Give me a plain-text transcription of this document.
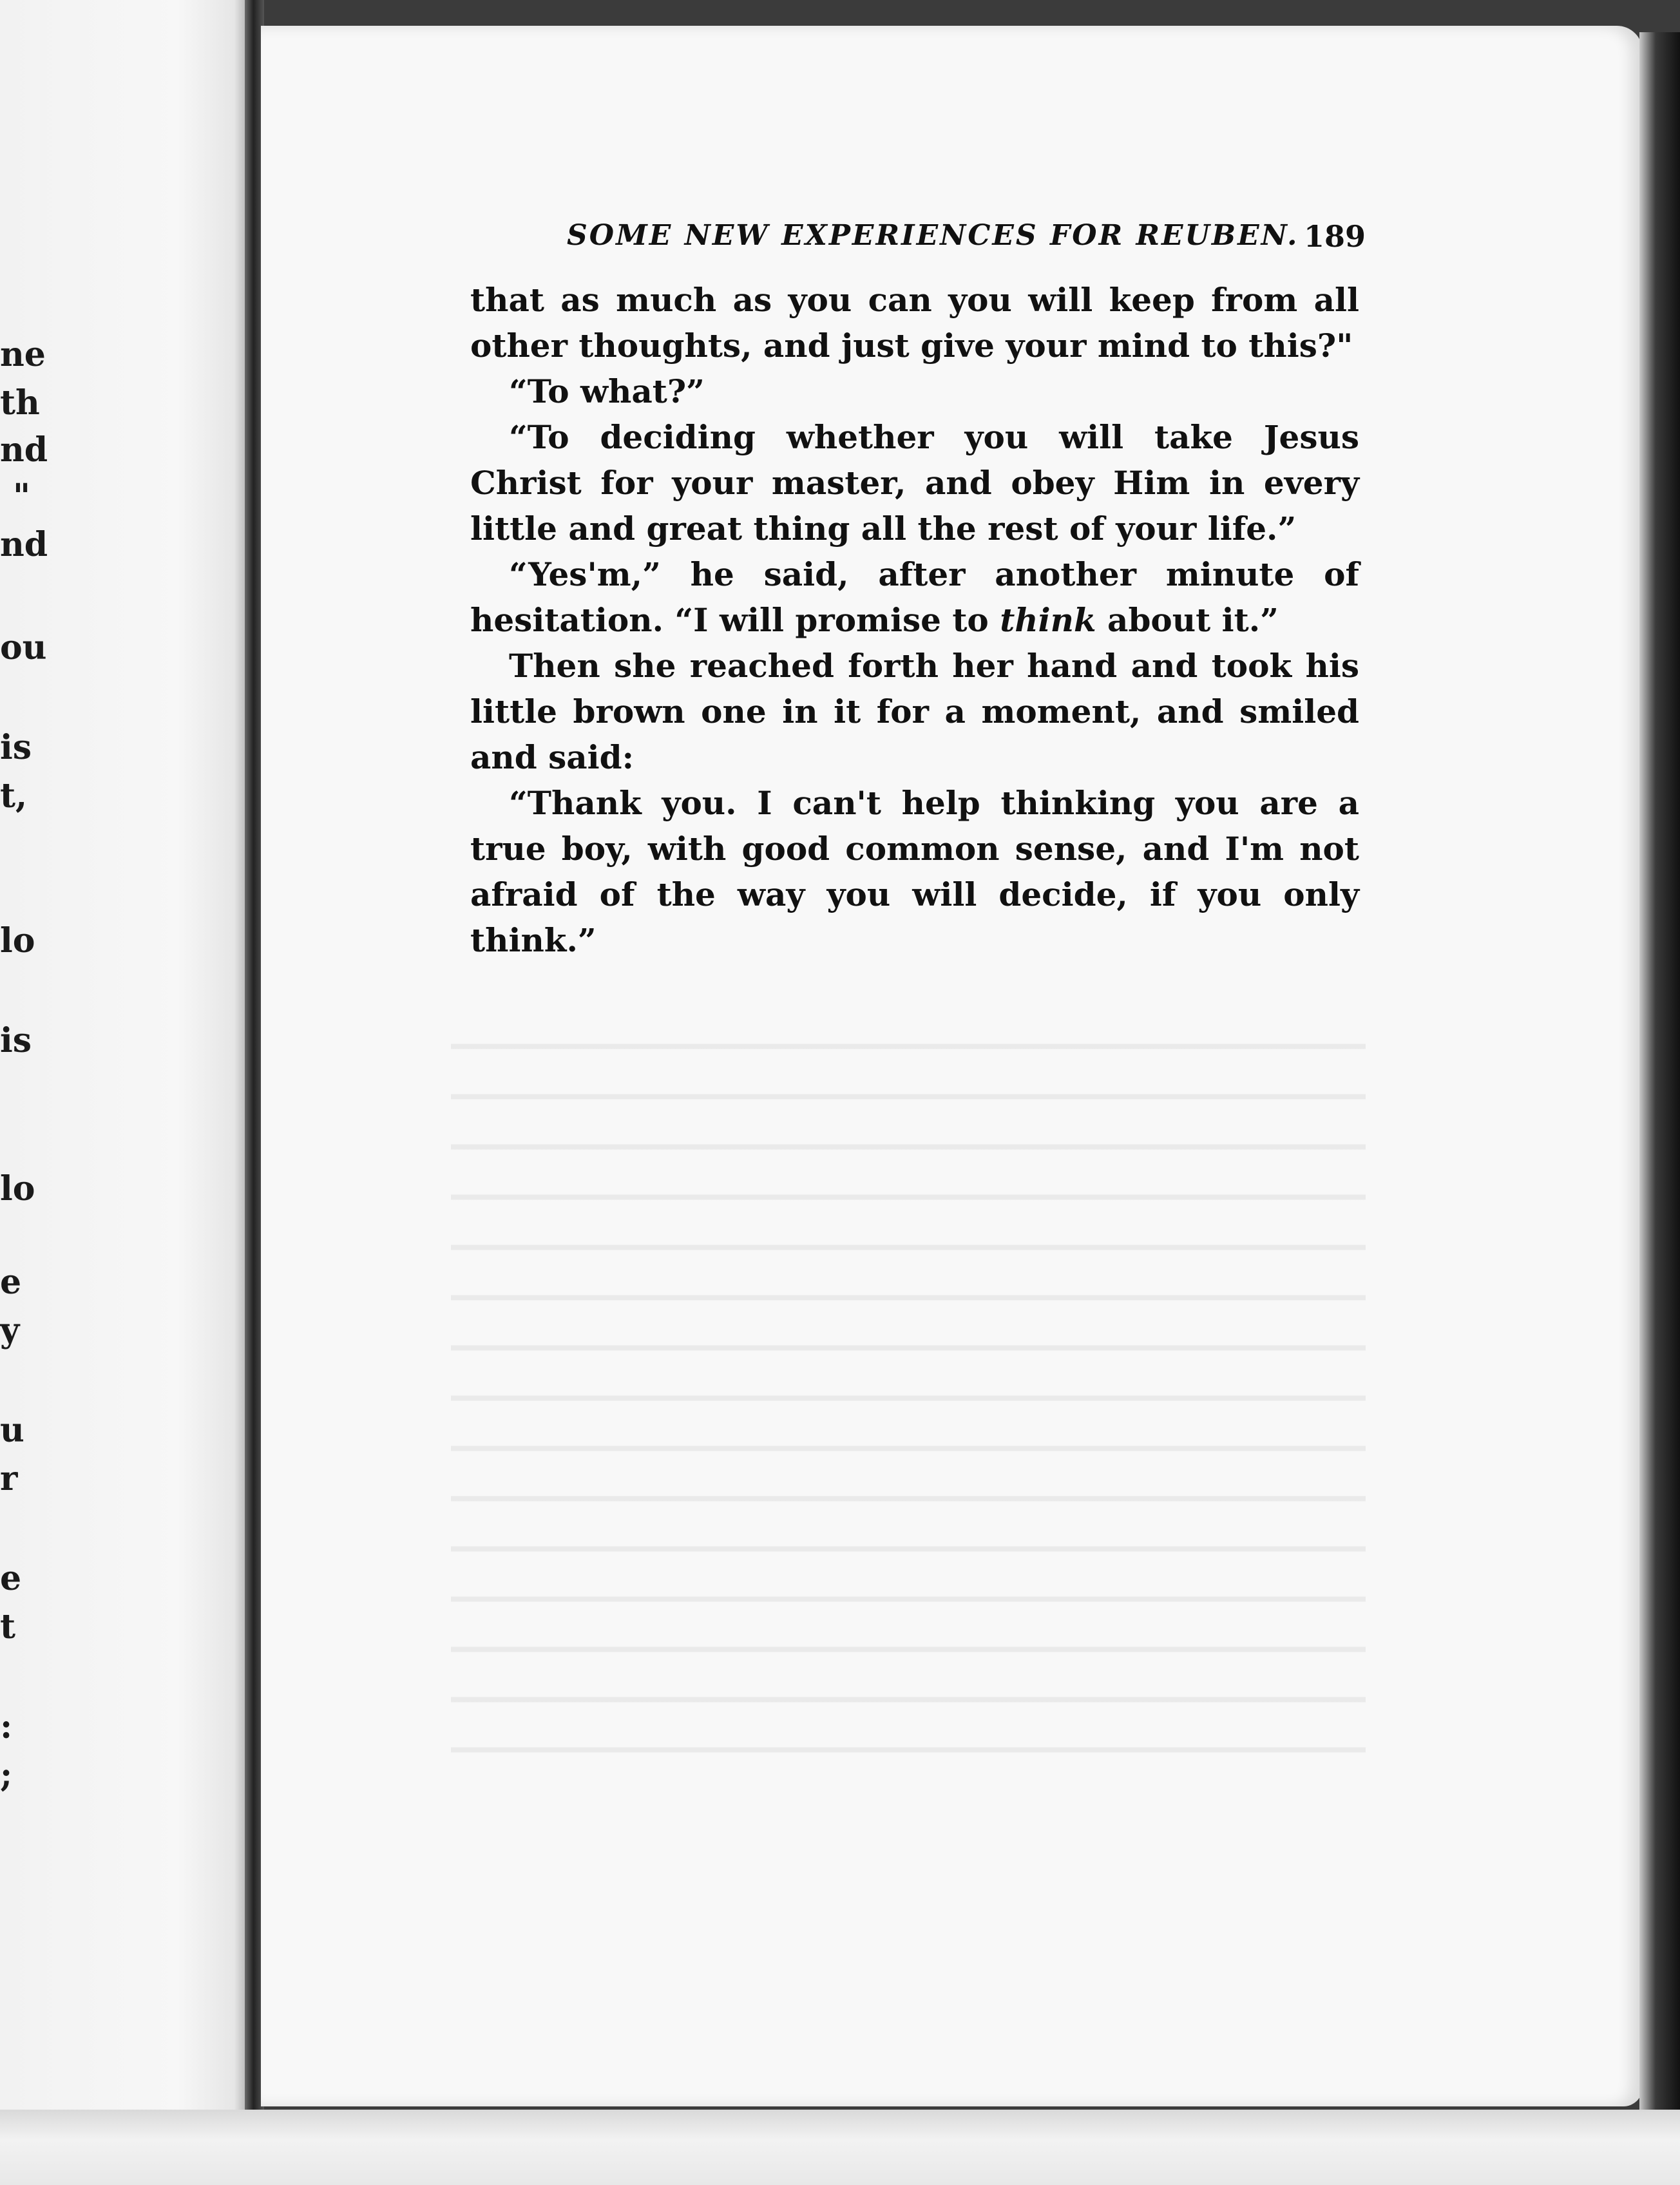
ne
th
nd
"
nd
ou
is
t,
lo
is
lo
e
y
u
r
e
t
:
;
SOME NEW EXPERIENCES FOR REUBEN. 189

that as much as you can you will keep from all other thoughts, and just give your mind to this?"

“To what?”

“To deciding whether you will take Jesus Christ for your master, and obey Him in every little and great thing all the rest of your life.”

“Yes'm,” he said, after another minute of hesitation. “I will promise to think about it.”

Then she reached forth her hand and took his little brown one in it for a moment, and smiled and said:

“Thank you. I can't help thinking you are a true boy, with good common sense, and I'm not afraid of the way you will decide, if you only think.”
